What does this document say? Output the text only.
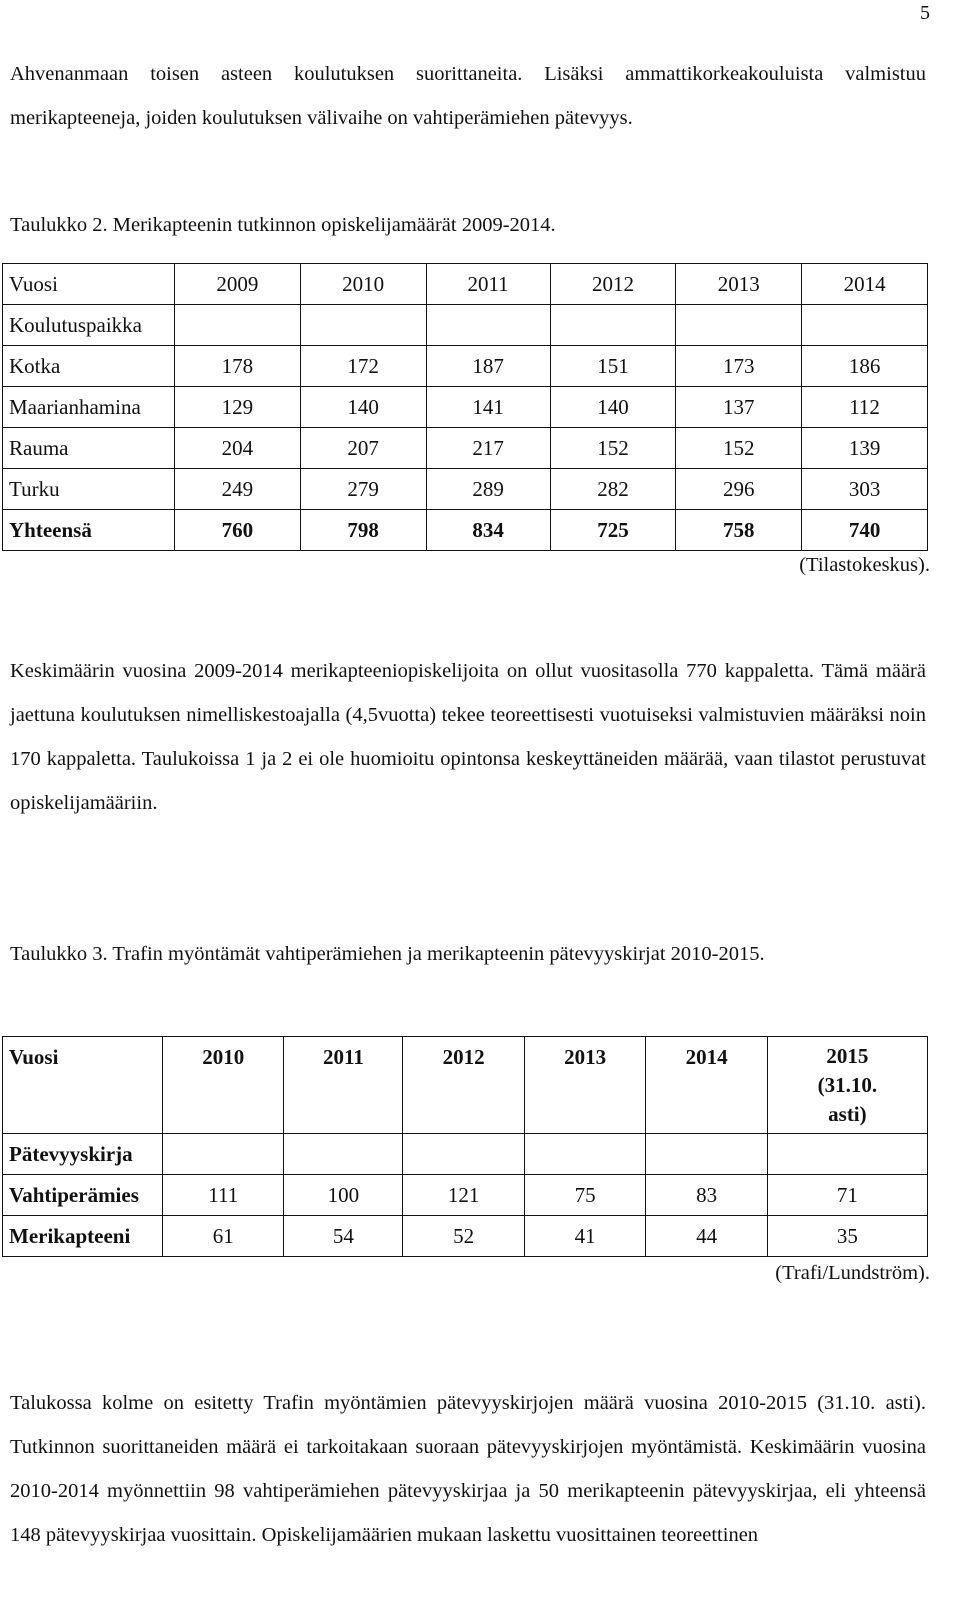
5

Ahvenanmaan toisen asteen koulutuksen suorittaneita. Lisäksi ammattikorkeakouluista valmistuu merikapteeneja, joiden koulutuksen välivaihe on vahtiperämiehen pätevyys.

Taulukko 2. Merikapteenin tutkinnon opiskelijamäärät 2009-2014.
Vuosi	2009	2010	2011	2012	2013	2014
Koulutuspaikka						
Kotka	178	172	187	151	173	186
Maarianhamina	129	140	141	140	137	112
Rauma	204	207	217	152	152	139
Turku	249	279	289	282	296	303
Yhteensä	760	798	834	725	758	740
(Tilastokeskus).

Keskimäärin vuosina 2009-2014 merikapteeniopiskelijoita on ollut vuositasolla 770 kappaletta. Tämä määrä jaettuna koulutuksen nimelliskestoajalla (4,5vuotta) tekee teoreettisesti vuotuiseksi valmistuvien määräksi noin 170 kappaletta. Taulukoissa 1 ja 2 ei ole huomioitu opintonsa keskeyttäneiden määrää, vaan tilastot perustuvat opiskelijamääriin.

Taulukko 3. Trafin myöntämät vahtiperämiehen ja merikapteenin pätevyyskirjat 2010-2015.
Vuosi	2010	2011	2012	2013	2014	2015
(31.10.
asti)
Pätevyyskirja						
Vahtiperämies	111	100	121	75	83	71
Merikapteeni	61	54	52	41	44	35
(Trafi/Lundström).

Talukossa kolme on esitetty Trafin myöntämien pätevyyskirjojen määrä vuosina 2010-2015 (31.10. asti). Tutkinnon suorittaneiden määrä ei tarkoitakaan suoraan pätevyyskirjojen myöntämistä. Keskimäärin vuosina 2010-2014 myönnettiin 98 vahtiperämiehen pätevyyskirjaa ja 50 merikapteenin pätevyyskirjaa, eli yhteensä 148 pätevyyskirjaa vuosittain. Opiskelijamäärien mukaan laskettu vuosittainen teoreettinen
